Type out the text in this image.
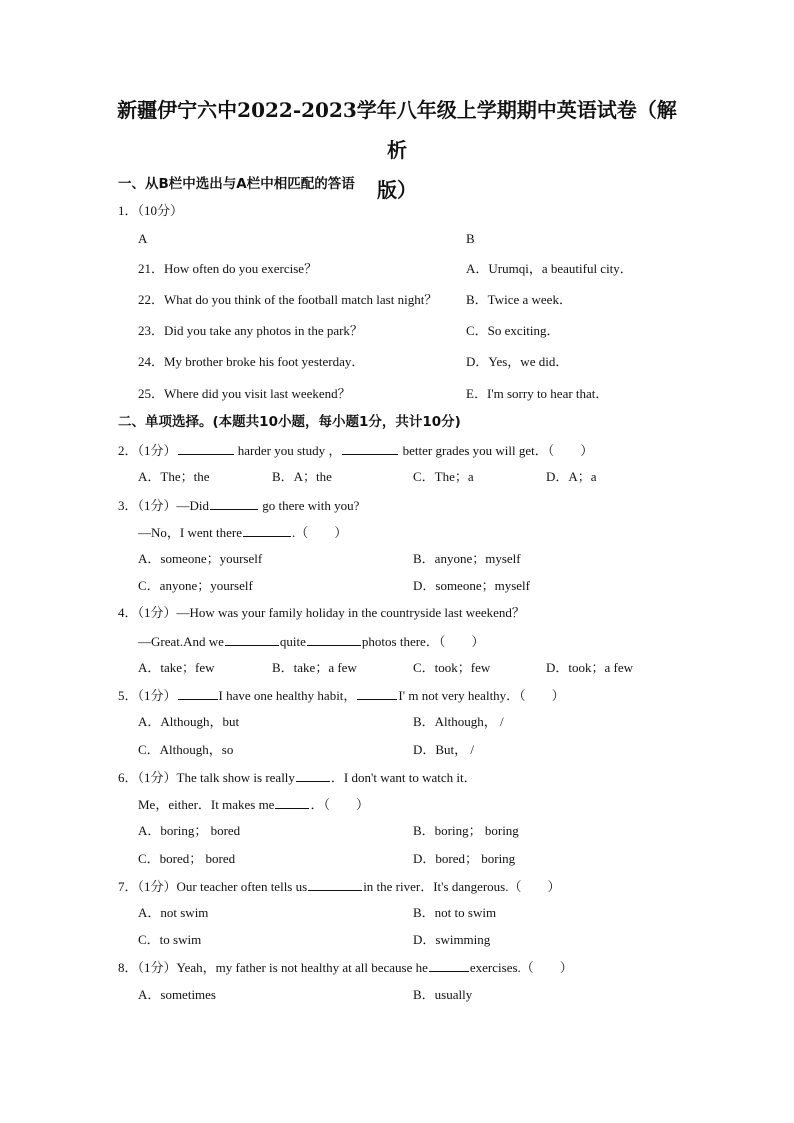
新疆伊宁六中2022-2023学年八年级上学期期中英语试卷（解析
版）
一、从B栏中选出与A栏中相匹配的答语
1．（10分）
A	B
21．How often do you exercise？	A．Urumqi，a beautiful city．
22．What do you think of the football match last night？ B．Twice a week．
23．Did you take any photos in the park？	C．So exciting．
24．My brother broke his foot yesterday．	D．Yes，we did．
25．Where did you visit last weekend？	E．I'm sorry to hear that．
二、单项选择。(本题共10小题，每小题1分，共计10分)
2．（1分）	harder you study ，	better grades you will get．（　　）
A．The；the	B．A；the	C．The；a	D．A；a
3．（1分）—Did	go there with you?
—No，I went there	.（　　）
A．someone；yourself	B．anyone；myself
C．anyone；yourself	D．someone；myself
4．（1分）—How was your family holiday in the countryside last weekend？
—Great.And we	quite	photos there．（　　）
A．take；few	B．take；a few	C．took；few	D．took；a few
5．（1分）	I have one healthy habit，	I' m not very healthy．（　　）
A．Although，but	B．Although， /
C．Although，so	D．But， /
6．（1分）The talk show is really	．I don't want to watch it．
Me，either．It makes me	．（　　）
A．boring； bored	B．boring； boring
C．bored； bored	D．bored； boring
7．（1分）Our teacher often tells us	in the river．It's dangerous.（　　）
A．not swim	B．not to swim
C．to swim	D．swimming
8．（1分）Yeah，my father is not healthy at all because he	exercises.（　　）
A．sometimes	B．usually
